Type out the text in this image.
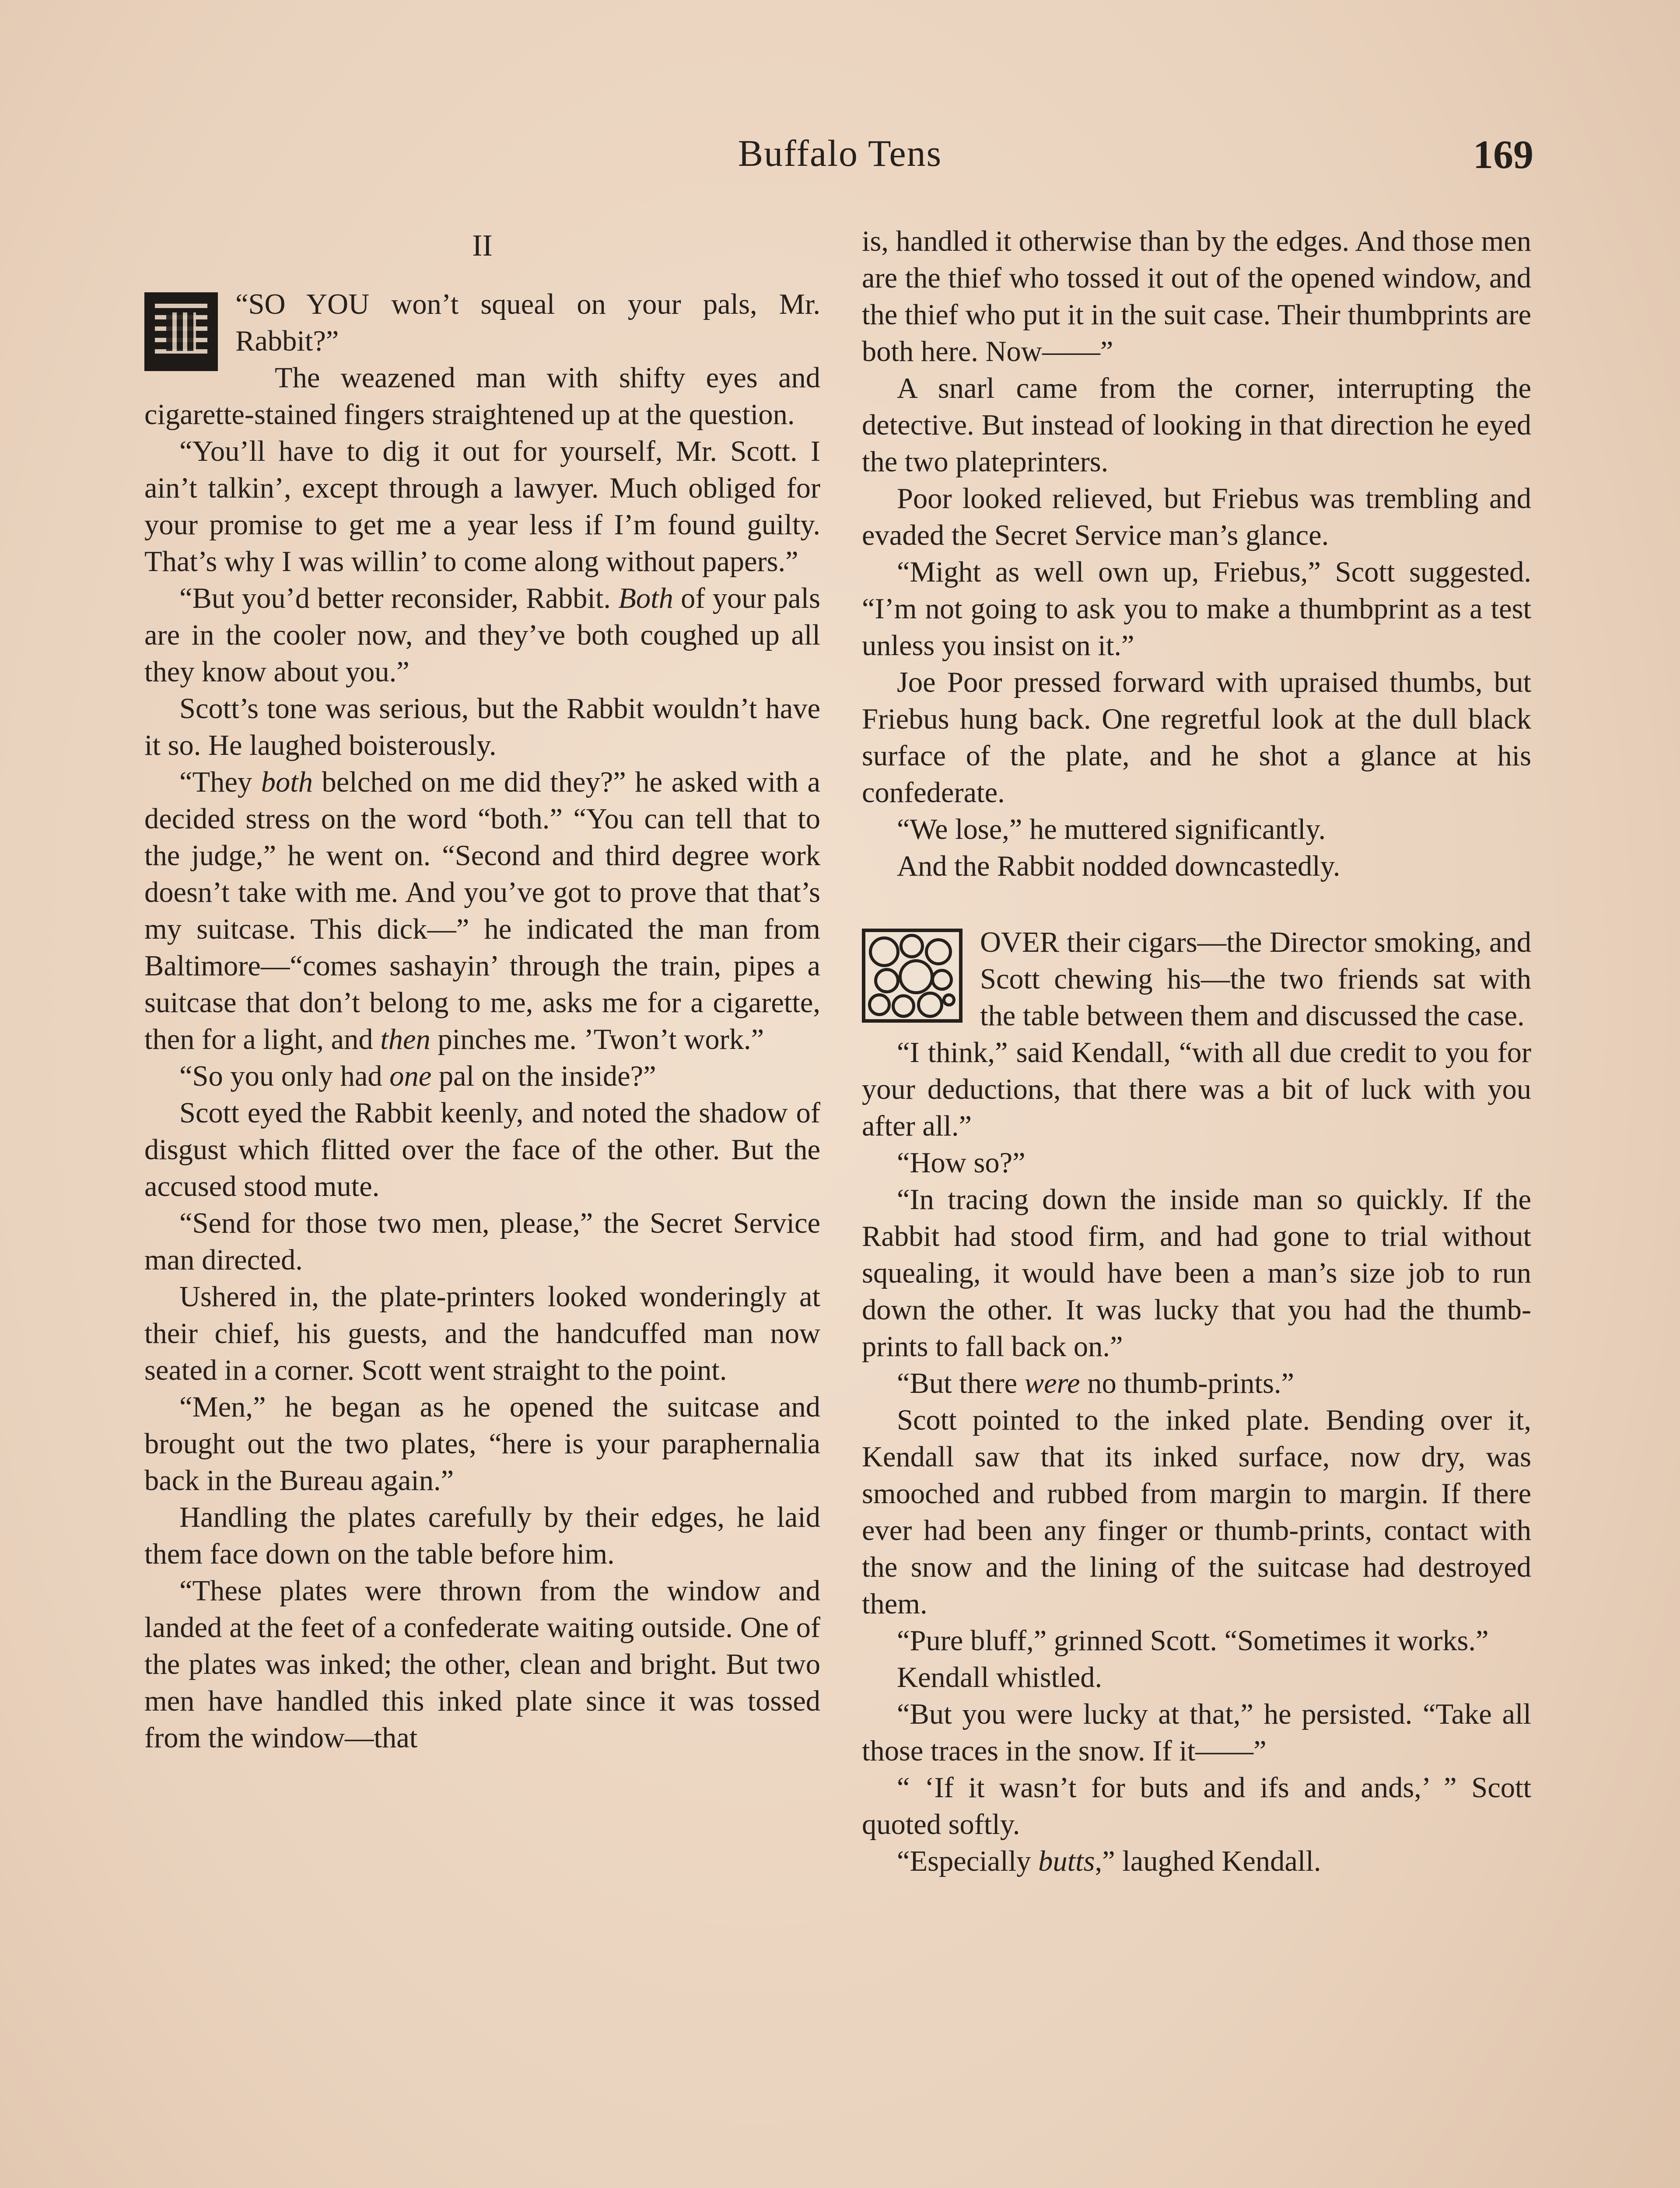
Buffalo Tens	169
II

“SO YOU won’t squeal on your pals, Mr. Rabbit?”

The weazened man with shifty eyes and cigarette-stained fingers straightened up at the question.

“You’ll have to dig it out for yourself, Mr. Scott. I ain’t talkin’, except through a lawyer. Much obliged for your promise to get me a year less if I’m found guilty. That’s why I was willin’ to come along without papers.”

“But you’d better reconsider, Rabbit. Both of your pals are in the cooler now, and they’ve both coughed up all they know about you.”

Scott’s tone was serious, but the Rabbit wouldn’t have it so. He laughed boisterously.

“They both belched on me did they?” he asked with a decided stress on the word “both.” “You can tell that to the judge,” he went on. “Second and third degree work doesn’t take with me. And you’ve got to prove that that’s my suitcase. This dick—” he indicated the man from Baltimore—“comes sashayin’ through the train, pipes a suitcase that don’t belong to me, asks me for a cigarette, then for a light, and then pinches me. ’Twon’t work.”

“So you only had one pal on the inside?”

Scott eyed the Rabbit keenly, and noted the shadow of disgust which flitted over the face of the other. But the accused stood mute.

“Send for those two men, please,” the Secret Service man directed.

Ushered in, the plate-printers looked wonderingly at their chief, his guests, and the handcuffed man now seated in a corner. Scott went straight to the point.

“Men,” he began as he opened the suitcase and brought out the two plates, “here is your paraphernalia back in the Bureau again.”

Handling the plates carefully by their edges, he laid them face down on the table before him.

“These plates were thrown from the window and landed at the feet of a confederate waiting outside. One of the plates was inked; the other, clean and bright. But two men have handled this inked plate since it was tossed from the window—that

is, handled it otherwise than by the edges. And those men are the thief who tossed it out of the opened window, and the thief who put it in the suit case. Their thumbprints are both here. Now——”

A snarl came from the corner, interrupting the detective. But instead of looking in that direction he eyed the two plateprinters.

Poor looked relieved, but Friebus was trembling and evaded the Secret Service man’s glance.

“Might as well own up, Friebus,” Scott suggested. “I’m not going to ask you to make a thumbprint as a test unless you insist on it.”

Joe Poor pressed forward with upraised thumbs, but Friebus hung back. One regretful look at the dull black surface of the plate, and he shot a glance at his confederate.

“We lose,” he muttered significantly.

And the Rabbit nodded downcastedly.

OVER their cigars—the Director smoking, and Scott chewing his—the two friends sat with the table between them and discussed the case.

“I think,” said Kendall, “with all due credit to you for your deductions, that there was a bit of luck with you after all.”

“How so?”

“In tracing down the inside man so quickly. If the Rabbit had stood firm, and had gone to trial without squealing, it would have been a man’s size job to run down the other. It was lucky that you had the thumb-prints to fall back on.”

“But there were no thumb-prints.”

Scott pointed to the inked plate. Bending over it, Kendall saw that its inked surface, now dry, was smooched and rubbed from margin to margin. If there ever had been any finger or thumb-prints, contact with the snow and the lining of the suitcase had destroyed them.

“Pure bluff,” grinned Scott. “Sometimes it works.”

Kendall whistled.

“But you were lucky at that,” he persisted. “Take all those traces in the snow. If it——”

“ ‘If it wasn’t for buts and ifs and ands,’ ” Scott quoted softly.

“Especially butts,” laughed Kendall.
